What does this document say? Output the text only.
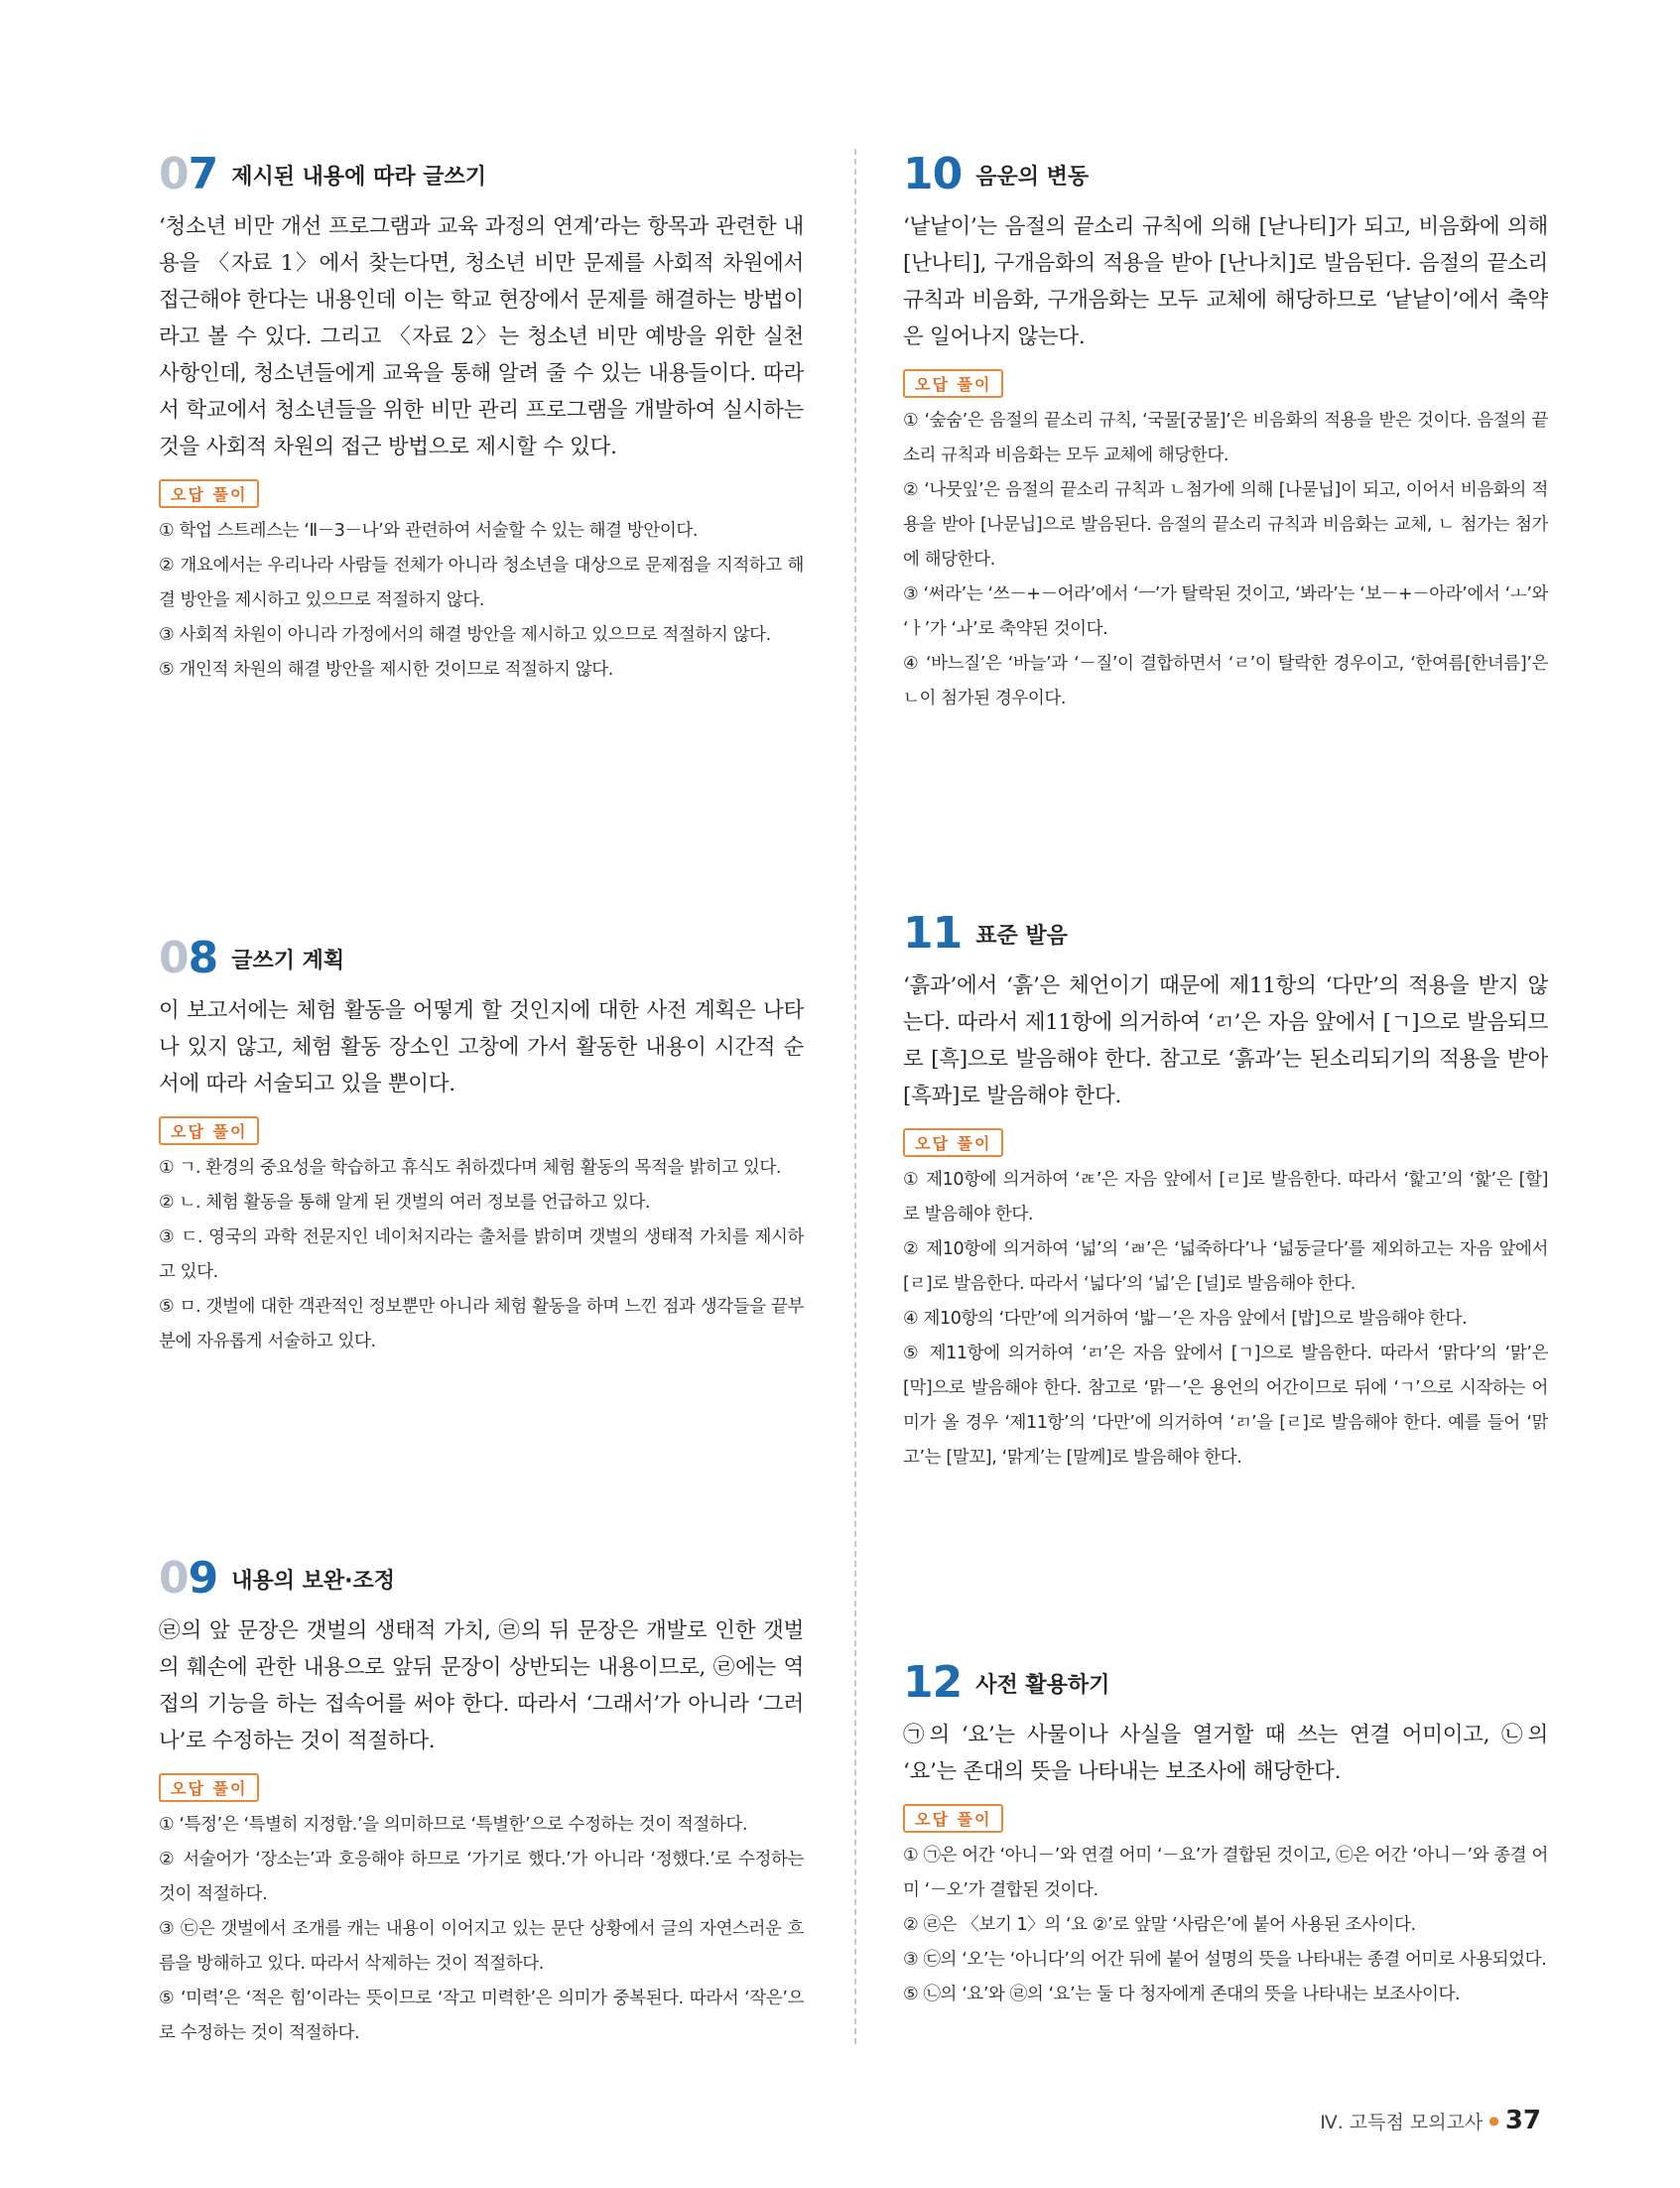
07 제시된 내용에 따라 글쓰기

‘청소년 비만 개선 프로그램과 교육 과정의 연계’라는 항목과 관련한 내용을 〈자료 1〉에서 찾는다면, 청소년 비만 문제를 사회적 차원에서 접근해야 한다는 내용인데 이는 학교 현장에서 문제를 해결하는 방법이라고 볼 수 있다. 그리고 〈자료 2〉는 청소년 비만 예방을 위한 실천 사항인데, 청소년들에게 교육을 통해 알려 줄 수 있는 내용들이다. 따라서 학교에서 청소년들을 위한 비만 관리 프로그램을 개발하여 실시하는 것을 사회적 차원의 접근 방법으로 제시할 수 있다.

오답 풀이
① 학업 스트레스는 ‘Ⅱ－3－나’와 관련하여 서술할 수 있는 해결 방안이다.
② 개요에서는 우리나라 사람들 전체가 아니라 청소년을 대상으로 문제점을 지적하고 해결 방안을 제시하고 있으므로 적절하지 않다.
③ 사회적 차원이 아니라 가정에서의 해결 방안을 제시하고 있으므로 적절하지 않다.
⑤ 개인적 차원의 해결 방안을 제시한 것이므로 적절하지 않다.
08 글쓰기 계획

이 보고서에는 체험 활동을 어떻게 할 것인지에 대한 사전 계획은 나타나 있지 않고, 체험 활동 장소인 고창에 가서 활동한 내용이 시간적 순서에 따라 서술되고 있을 뿐이다.

오답 풀이
① ㄱ. 환경의 중요성을 학습하고 휴식도 취하겠다며 체험 활동의 목적을 밝히고 있다.
② ㄴ. 체험 활동을 통해 알게 된 갯벌의 여러 정보를 언급하고 있다.
③ ㄷ. 영국의 과학 전문지인 네이처지라는 출처를 밝히며 갯벌의 생태적 가치를 제시하고 있다.
⑤ ㅁ. 갯벌에 대한 객관적인 정보뿐만 아니라 체험 활동을 하며 느낀 점과 생각들을 끝부분에 자유롭게 서술하고 있다.
09 내용의 보완·조정

㉣의 앞 문장은 갯벌의 생태적 가치, ㉣의 뒤 문장은 개발로 인한 갯벌의 훼손에 관한 내용으로 앞뒤 문장이 상반되는 내용이므로, ㉣에는 역접의 기능을 하는 접속어를 써야 한다. 따라서 ‘그래서’가 아니라 ‘그러나’로 수정하는 것이 적절하다.

오답 풀이
① ‘특정’은 ‘특별히 지정함.’을 의미하므로 ‘특별한’으로 수정하는 것이 적절하다.
② 서술어가 ‘장소는’과 호응해야 하므로 ‘가기로 했다.’가 아니라 ‘정했다.’로 수정하는 것이 적절하다.
③ ㉢은 갯벌에서 조개를 캐는 내용이 이어지고 있는 문단 상황에서 글의 자연스러운 흐름을 방해하고 있다. 따라서 삭제하는 것이 적절하다.
⑤ ‘미력’은 ‘적은 힘’이라는 뜻이므로 ‘작고 미력한’은 의미가 중복된다. 따라서 ‘작은’으로 수정하는 것이 적절하다.
10 음운의 변동

‘낱낱이’는 음절의 끝소리 규칙에 의해 [낟나티]가 되고, 비음화에 의해 [난나티], 구개음화의 적용을 받아 [난나치]로 발음된다. 음절의 끝소리 규칙과 비음화, 구개음화는 모두 교체에 해당하므로 ‘낱낱이’에서 축약은 일어나지 않는다.

오답 풀이
① ‘숲숨’은 음절의 끝소리 규칙, ‘국물[궁물]’은 비음화의 적용을 받은 것이다. 음절의 끝소리 규칙과 비음화는 모두 교체에 해당한다.
② ‘나뭇잎’은 음절의 끝소리 규칙과 ㄴ첨가에 의해 [나묻닙]이 되고, 이어서 비음화의 적용을 받아 [나문닙]으로 발음된다. 음절의 끝소리 규칙과 비음화는 교체, ㄴ 첨가는 첨가에 해당한다.
③ ‘써라’는 ‘쓰－+－어라’에서 ‘ㅡ’가 탈락된 것이고, ‘봐라’는 ‘보－+－아라’에서 ‘ㅗ’와 ‘ㅏ’가 ‘ㅘ’로 축약된 것이다.
④ ‘바느질’은 ‘바늘’과 ‘－질’이 결합하면서 ‘ㄹ’이 탈락한 경우이고, ‘한여름[한녀름]’은 ㄴ이 첨가된 경우이다.
11 표준 발음

‘흙과’에서 ‘흙’은 체언이기 때문에 제11항의 ‘다만’의 적용을 받지 않는다. 따라서 제11항에 의거하여 ‘ㄺ’은 자음 앞에서 [ㄱ]으로 발음되므로 [흑]으로 발음해야 한다. 참고로 ‘흙과’는 된소리되기의 적용을 받아 [흑꽈]로 발음해야 한다.

오답 풀이
① 제10항에 의거하여 ‘ㄾ’은 자음 앞에서 [ㄹ]로 발음한다. 따라서 ‘핥고’의 ‘핥’은 [할]로 발음해야 한다.
② 제10항에 의거하여 ‘넓’의 ‘ㄼ’은 ‘넓죽하다’나 ‘넓둥글다’를 제외하고는 자음 앞에서 [ㄹ]로 발음한다. 따라서 ‘넓다’의 ‘넓’은 [널]로 발음해야 한다.
④ 제10항의 ‘다만’에 의거하여 ‘밟－’은 자음 앞에서 [밥]으로 발음해야 한다.
⑤ 제11항에 의거하여 ‘ㄺ’은 자음 앞에서 [ㄱ]으로 발음한다. 따라서 ‘맑다’의 ‘맑’은 [막]으로 발음해야 한다. 참고로 ‘맑－’은 용언의 어간이므로 뒤에 ‘ㄱ’으로 시작하는 어미가 올 경우 ‘제11항’의 ‘다만’에 의거하여 ‘ㄺ’을 [ㄹ]로 발음해야 한다. 예를 들어 ‘맑고’는 [말꼬], ‘맑게’는 [말께]로 발음해야 한다.
12 사전 활용하기

㉠의 ‘요’는 사물이나 사실을 열거할 때 쓰는 연결 어미이고, ㉡의 ‘요’는 존대의 뜻을 나타내는 보조사에 해당한다.

오답 풀이
① ㉠은 어간 ‘아니－’와 연결 어미 ‘－요’가 결합된 것이고, ㉢은 어간 ‘아니－’와 종결 어미 ‘－오’가 결합된 것이다.
② ㉣은 〈보기 1〉의 ‘요 ②’로 앞말 ‘사람은’에 붙어 사용된 조사이다.
③ ㉢의 ‘오’는 ‘아니다’의 어간 뒤에 붙어 설명의 뜻을 나타내는 종결 어미로 사용되었다.
⑤ ㉡의 ‘요’와 ㉣의 ‘요’는 둘 다 청자에게 존대의 뜻을 나타내는 보조사이다.
Ⅳ. 고득점 모의고사 ● 37
